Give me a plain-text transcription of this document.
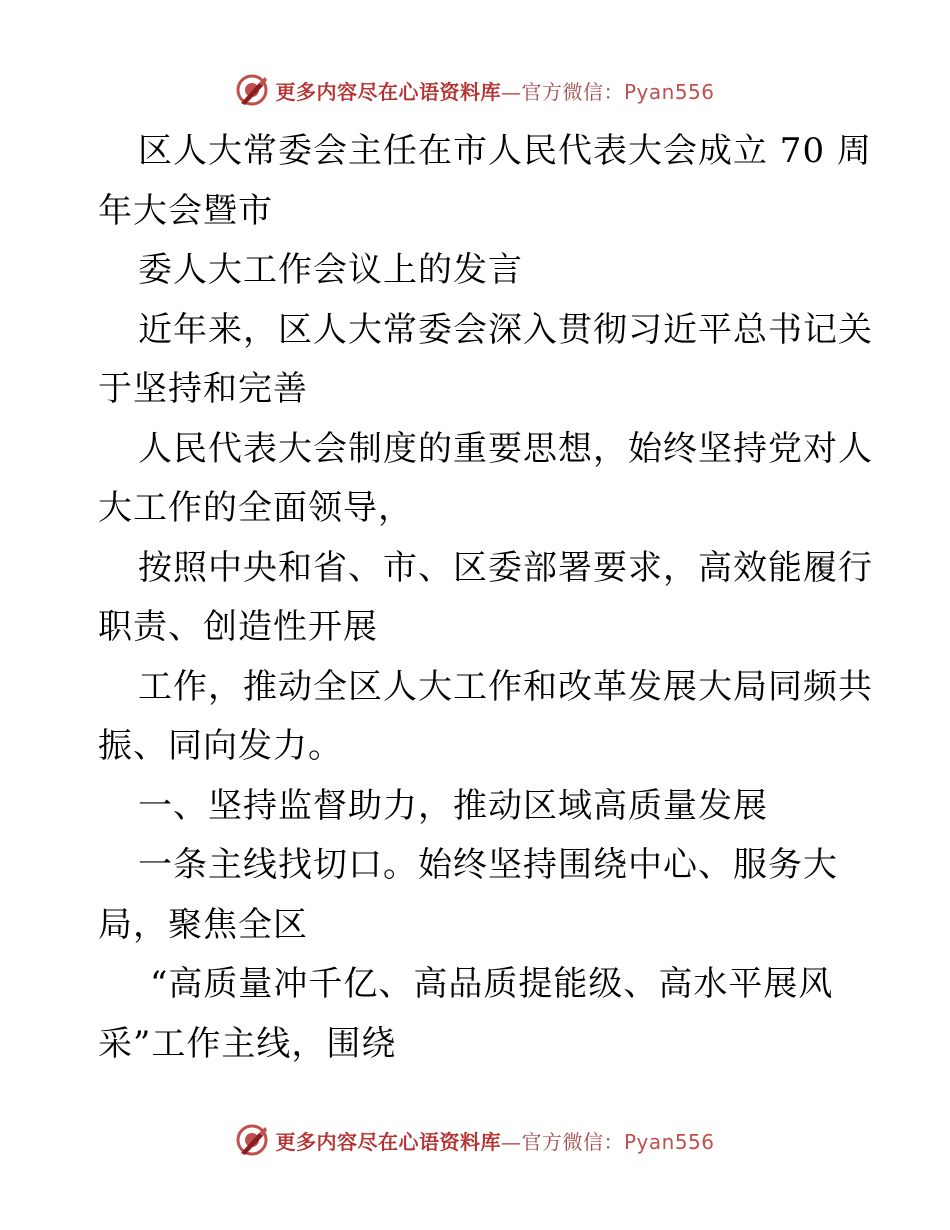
更多内容尽在心语资料库—官方微信：Pyan556
区人大常委会主任在市人民代表大会成立 70 周
年大会暨市
委人大工作会议上的发言
近年来，区人大常委会深入贯彻习近平总书记关
于坚持和完善
人民代表大会制度的重要思想，始终坚持党对人
大工作的全面领导，
按照中央和省、市、区委部署要求，高效能履行
职责、创造性开展
工作，推动全区人大工作和改革发展大局同频共
振、同向发力。
一、坚持监督助力，推动区域高质量发展
一条主线找切口。始终坚持围绕中心、服务大
局，聚焦全区
“高质量冲千亿、高品质提能级、高水平展风
采”工作主线，围绕
更多内容尽在心语资料库—官方微信：Pyan556
